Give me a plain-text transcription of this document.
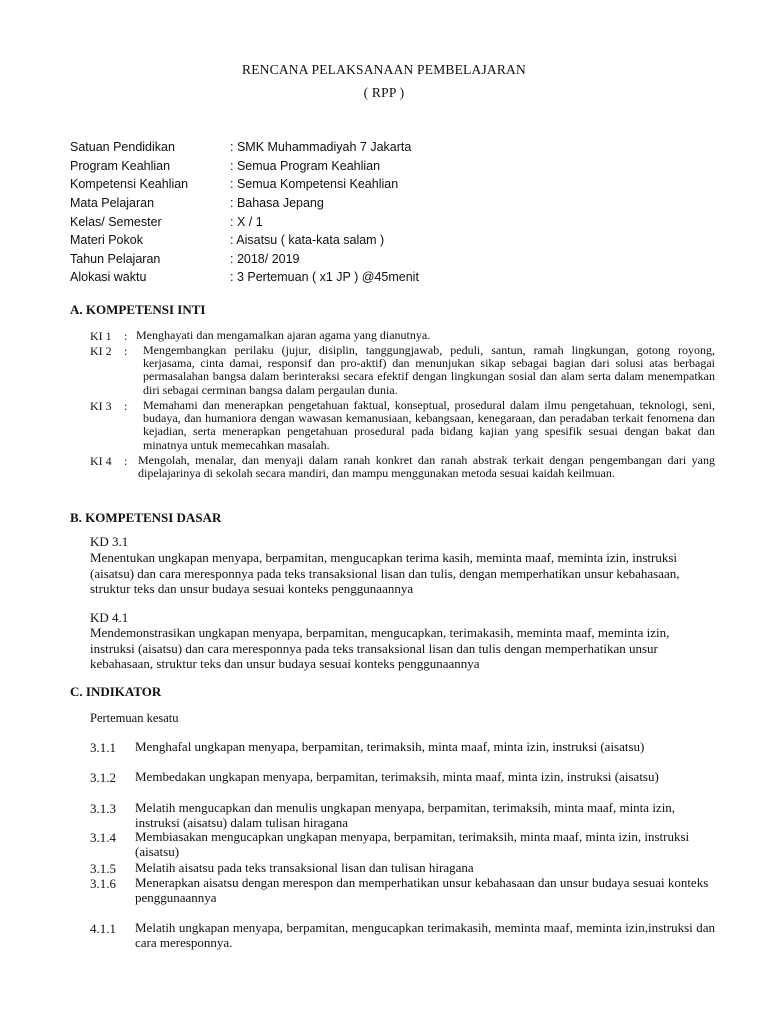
RENCANA PELAKSANAAN PEMBELAJARAN
( RPP )
Satuan Pendidikan	: SMK Muhammadiyah 7 Jakarta
Program Keahlian	: Semua Program Keahlian
Kompetensi Keahlian	: Semua Kompetensi Keahlian
Mata Pelajaran	: Bahasa Jepang
Kelas/ Semester	: X / 1
Materi Pokok	: Aisatsu ( kata-kata salam )
Tahun Pelajaran	: 2018/ 2019
Alokasi waktu	: 3 Pertemuan ( x1 JP ) @45menit
A. KOMPETENSI INTI
KI 1 : Menghayati dan mengamalkan ajaran agama yang dianutnya.
KI 2 : Mengembangkan perilaku (jujur, disiplin, tanggungjawab, peduli, santun, ramah lingkungan, gotong royong, kerjasama, cinta damai, responsif dan pro-aktif) dan menunjukan sikap sebagai bagian dari solusi atas berbagai permasalahan bangsa dalam berinteraksi secara efektif dengan lingkungan sosial dan alam serta dalam menempatkan diri sebagai cerminan bangsa dalam pergaulan dunia.
KI 3 : Memahami dan menerapkan pengetahuan faktual, konseptual, prosedural dalam ilmu pengetahuan, teknologi, seni, budaya, dan humaniora dengan wawasan kemanusiaan, kebangsaan, kenegaraan, dan peradaban terkait fenomena dan kejadian, serta menerapkan pengetahuan prosedural pada bidang kajian yang spesifik sesuai dengan bakat dan minatnya untuk memecahkan masalah.
KI 4 : Mengolah, menalar, dan menyaji dalam ranah konkret dan ranah abstrak terkait dengan pengembangan dari yang dipelajarinya di sekolah secara mandiri, dan mampu menggunakan metoda sesuai kaidah keilmuan.
B. KOMPETENSI DASAR
KD 3.1
Menentukan ungkapan menyapa, berpamitan, mengucapkan terima kasih, meminta maaf, meminta izin, instruksi (aisatsu) dan cara meresponnya pada teks transaksional lisan dan tulis, dengan memperhatikan unsur kebahasaan, struktur teks dan unsur budaya sesuai konteks penggunaannya
KD 4.1
Mendemonstrasikan ungkapan menyapa, berpamitan, mengucapkan, terimakasih, meminta maaf, meminta izin, instruksi (aisatsu) dan cara meresponnya pada teks transaksional lisan dan tulis dengan memperhatikan unsur kebahasaan, struktur teks dan unsur budaya sesuai konteks penggunaannya
C. INDIKATOR
Pertemuan kesatu
3.1.1 Menghafal ungkapan menyapa, berpamitan, terimaksih, minta maaf, minta izin, instruksi (aisatsu)
3.1.2 Membedakan ungkapan menyapa, berpamitan, terimaksih, minta maaf, minta izin, instruksi (aisatsu)
3.1.3 Melatih mengucapkan dan menulis ungkapan menyapa, berpamitan, terimaksih, minta maaf, minta izin, instruksi (aisatsu) dalam tulisan hiragana
3.1.4 Membiasakan mengucapkan ungkapan menyapa, berpamitan, terimaksih, minta maaf, minta izin, instruksi (aisatsu)
3.1.5 Melatih aisatsu pada teks transaksional lisan dan tulisan hiragana
3.1.6 Menerapkan aisatsu dengan merespon dan memperhatikan unsur kebahasaan dan unsur budaya sesuai konteks penggunaannya
4.1.1 Melatih ungkapan menyapa, berpamitan, mengucapkan terimakasih, meminta maaf, meminta izin,instruksi dan cara meresponnya.
